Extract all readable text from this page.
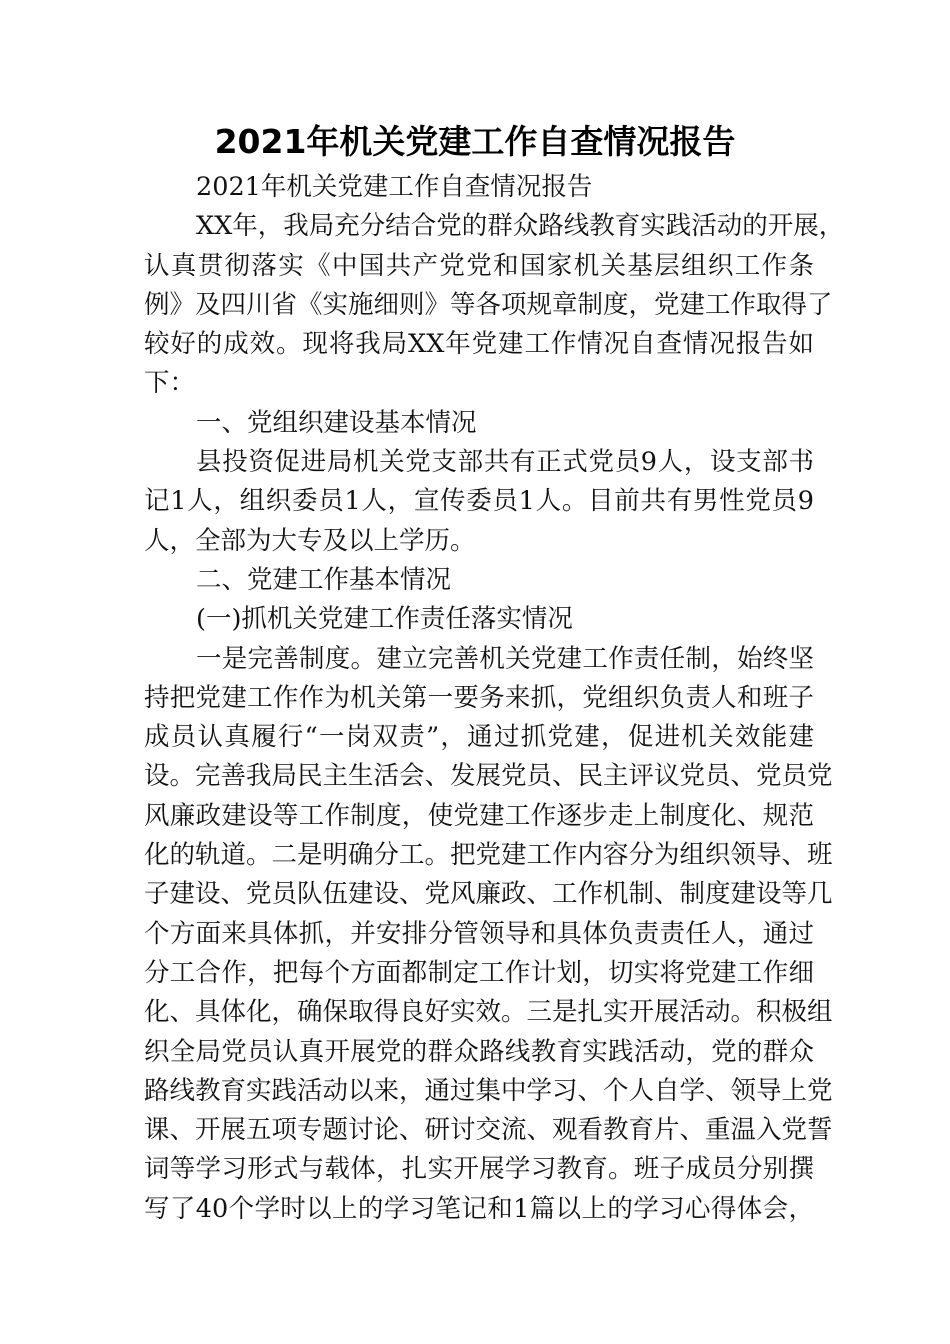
2021年机关党建工作自查情况报告
2021年机关党建工作自查情况报告
XX年，我局充分结合党的群众路线教育实践活动的开展，
认真贯彻落实《中国共产党党和国家机关基层组织工作条
例》及四川省《实施细则》等各项规章制度，党建工作取得了
较好的成效。现将我局XX年党建工作情况自查情况报告如
下：
一、党组织建设基本情况
县投资促进局机关党支部共有正式党员9人，设支部书
记1人，组织委员1人，宣传委员1人。目前共有男性党员9
人，全部为大专及以上学历。
二、党建工作基本情况
(一)抓机关党建工作责任落实情况
一是完善制度。建立完善机关党建工作责任制，始终坚
持把党建工作作为机关第一要务来抓，党组织负责人和班子
成员认真履行“一岗双责”，通过抓党建，促进机关效能建
设。完善我局民主生活会、发展党员、民主评议党员、党员党
风廉政建设等工作制度，使党建工作逐步走上制度化、规范
化的轨道。二是明确分工。把党建工作内容分为组织领导、班
子建设、党员队伍建设、党风廉政、工作机制、制度建设等几
个方面来具体抓，并安排分管领导和具体负责责任人，通过
分工合作，把每个方面都制定工作计划，切实将党建工作细
化、具体化，确保取得良好实效。三是扎实开展活动。积极组
织全局党员认真开展党的群众路线教育实践活动，党的群众
路线教育实践活动以来，通过集中学习、个人自学、领导上党
课、开展五项专题讨论、研讨交流、观看教育片、重温入党誓
词等学习形式与载体，扎实开展学习教育。班子成员分别撰
写了40个学时以上的学习笔记和1篇以上的学习心得体会，
